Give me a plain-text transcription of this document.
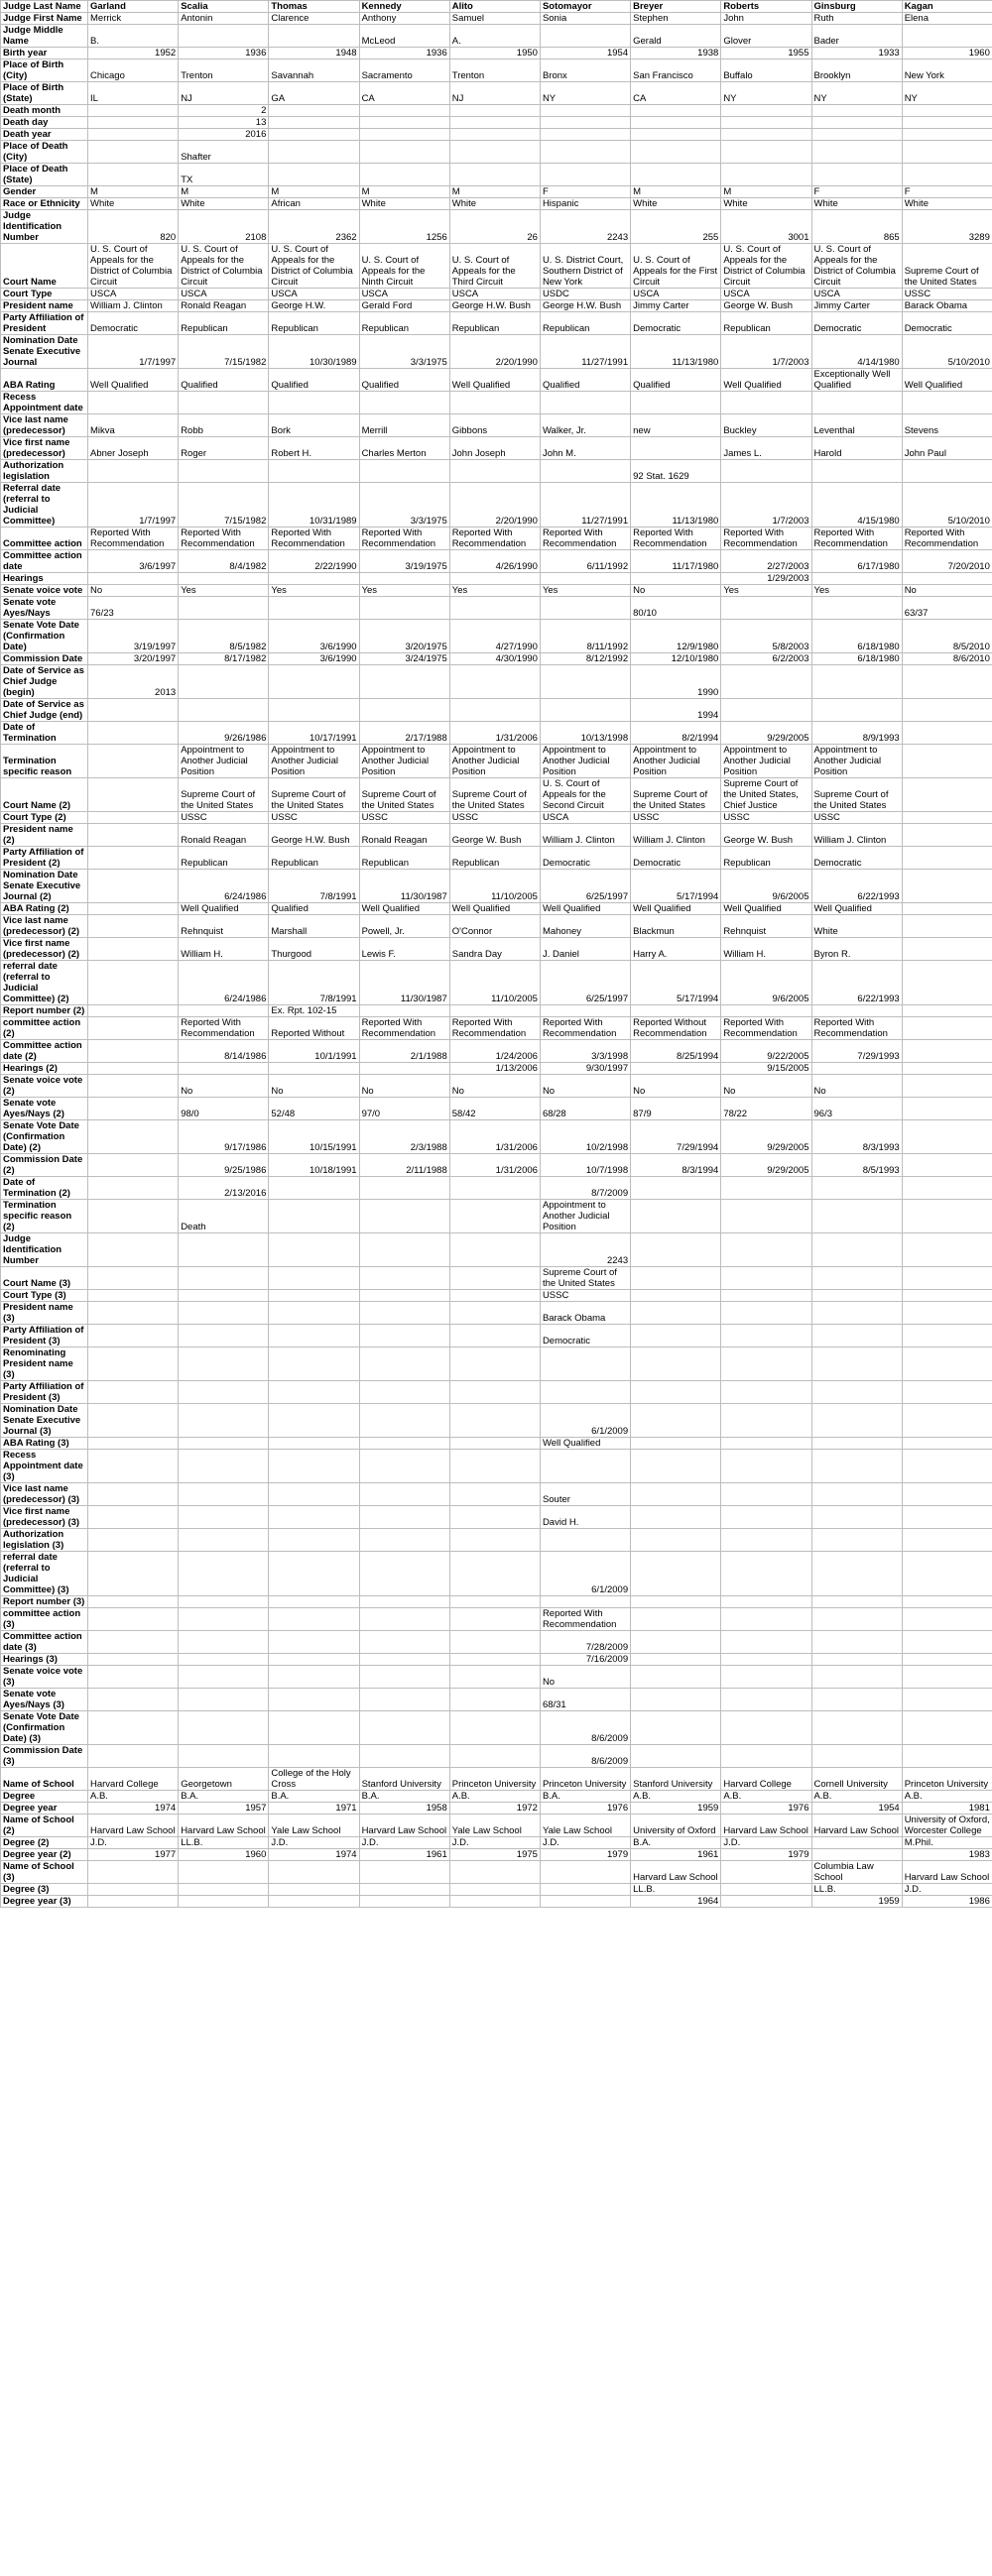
Judge Last Name	Garland	Scalia	Thomas	Kennedy	Alito	Sotomayor	Breyer	Roberts	Ginsburg	Kagan
Judge First Name	Merrick	Antonin	Clarence	Anthony	Samuel	Sonia	Stephen	John	Ruth	Elena
Judge Middle Name	B.			McLeod	A.		Gerald	Glover	Bader	
Birth year	1952	1936	1948	1936	1950	1954	1938	1955	1933	1960
Place of Birth (City)	Chicago	Trenton	Savannah	Sacramento	Trenton	Bronx	San Francisco	Buffalo	Brooklyn	New York
Place of Birth (State)	IL	NJ	GA	CA	NJ	NY	CA	NY	NY	NY
Death month		2								
Death day		13								
Death year		2016								
Place of Death (City)		Shafter								
Place of Death (State)		TX								
Gender	M	M	M	M	M	F	M	M	F	F
Race or Ethnicity	White	White	African	White	White	Hispanic	White	White	White	White
Judge Identification Number	820	2108	2362	1256	26	2243	255	3001	865	3289
Court Name	U. S. Court of Appeals for the District of Columbia Circuit	U. S. Court of Appeals for the District of Columbia Circuit	U. S. Court of Appeals for the District of Columbia Circuit	U. S. Court of Appeals for the Ninth Circuit	U. S. Court of Appeals for the Third Circuit	U. S. District Court, Southern District of New York	U. S. Court of Appeals for the First Circuit	U. S. Court of Appeals for the District of Columbia Circuit	U. S. Court of Appeals for the District of Columbia Circuit	Supreme Court of the United States
Court Type	USCA	USCA	USCA	USCA	USCA	USDC	USCA	USCA	USCA	USSC
President name	William J. Clinton	Ronald Reagan	George H.W.	Gerald Ford	George H.W. Bush	George H.W. Bush	Jimmy Carter	George W. Bush	Jimmy Carter	Barack Obama
Party Affiliation of President	Democratic	Republican	Republican	Republican	Republican	Republican	Democratic	Republican	Democratic	Democratic
Nomination Date Senate Executive Journal	1/7/1997	7/15/1982	10/30/1989	3/3/1975	2/20/1990	11/27/1991	11/13/1980	1/7/2003	4/14/1980	5/10/2010
ABA Rating	Well Qualified	Qualified	Qualified	Qualified	Well Qualified	Qualified	Qualified	Well Qualified	Exceptionally Well Qualified	Well Qualified
Recess Appointment date										
Vice last name (predecessor)	Mikva	Robb	Bork	Merrill	Gibbons	Walker, Jr.	new	Buckley	Leventhal	Stevens
Vice first name (predecessor)	Abner Joseph	Roger	Robert H.	Charles Merton	John Joseph	John M.		James L.	Harold	John Paul
Authorization legislation							92 Stat. 1629			
Referral date (referral to Judicial Committee)	1/7/1997	7/15/1982	10/31/1989	3/3/1975	2/20/1990	11/27/1991	11/13/1980	1/7/2003	4/15/1980	5/10/2010
Committee action	Reported With Recommendation	Reported With Recommendation	Reported With Recommendation	Reported With Recommendation	Reported With Recommendation	Reported With Recommendation	Reported With Recommendation	Reported With Recommendation	Reported With Recommendation	Reported With Recommendation
Committee action date	3/6/1997	8/4/1982	2/22/1990	3/19/1975	4/26/1990	6/11/1992	11/17/1980	2/27/2003	6/17/1980	7/20/2010
Hearings								1/29/2003		
Senate voice vote	No	Yes	Yes	Yes	Yes	Yes	No	Yes	Yes	No
Senate vote Ayes/Nays	76/23						80/10			63/37
Senate Vote Date (Confirmation Date)	3/19/1997	8/5/1982	3/6/1990	3/20/1975	4/27/1990	8/11/1992	12/9/1980	5/8/2003	6/18/1980	8/5/2010
Commission Date	3/20/1997	8/17/1982	3/6/1990	3/24/1975	4/30/1990	8/12/1992	12/10/1980	6/2/2003	6/18/1980	8/6/2010
Date of Service as Chief Judge (begin)	2013						1990			
Date of Service as Chief Judge (end)							1994			
Date of Termination		9/26/1986	10/17/1991	2/17/1988	1/31/2006	10/13/1998	8/2/1994	9/29/2005	8/9/1993	
Termination specific reason		Appointment to Another Judicial Position	Appointment to Another Judicial Position	Appointment to Another Judicial Position	Appointment to Another Judicial Position	Appointment to Another Judicial Position	Appointment to Another Judicial Position	Appointment to Another Judicial Position	Appointment to Another Judicial Position	
Court Name (2)		Supreme Court of the United States	Supreme Court of the United States	Supreme Court of the United States	Supreme Court of the United States	U. S. Court of Appeals for the Second Circuit	Supreme Court of the United States	Supreme Court of the United States, Chief Justice	Supreme Court of the United States	
Court Type (2)		USSC	USSC	USSC	USSC	USCA	USSC	USSC	USSC	
President name (2)		Ronald Reagan	George H.W. Bush	Ronald Reagan	George W. Bush	William J. Clinton	William J. Clinton	George W. Bush	William J. Clinton	
Party Affiliation of President (2)		Republican	Republican	Republican	Republican	Democratic	Democratic	Republican	Democratic	
Nomination Date Senate Executive Journal (2)		6/24/1986	7/8/1991	11/30/1987	11/10/2005	6/25/1997	5/17/1994	9/6/2005	6/22/1993	
ABA Rating (2)		Well Qualified	Qualified	Well Qualified	Well Qualified	Well Qualified	Well Qualified	Well Qualified	Well Qualified	
Vice last name (predecessor) (2)		Rehnquist	Marshall	Powell, Jr.	O'Connor	Mahoney	Blackmun	Rehnquist	White	
Vice first name (predecessor) (2)		William H.	Thurgood	Lewis F.	Sandra Day	J. Daniel	Harry A.	William H.	Byron R.	
referral date (referral to Judicial Committee) (2)		6/24/1986	7/8/1991	11/30/1987	11/10/2005	6/25/1997	5/17/1994	9/6/2005	6/22/1993	
Report number (2)			Ex. Rpt. 102-15							
committee action (2)		Reported With Recommendation	Reported Without	Reported With Recommendation	Reported With Recommendation	Reported With Recommendation	Reported Without Recommendation	Reported With Recommendation	Reported With Recommendation	
Committee action date (2)		8/14/1986	10/1/1991	2/1/1988	1/24/2006	3/3/1998	8/25/1994	9/22/2005	7/29/1993	
Hearings (2)					1/13/2006	9/30/1997		9/15/2005		
Senate voice vote (2)		No	No	No	No	No	No	No	No	
Senate vote Ayes/Nays (2)		98/0	52/48	97/0	58/42	68/28	87/9	78/22	96/3	
Senate Vote Date (Confirmation Date) (2)		9/17/1986	10/15/1991	2/3/1988	1/31/2006	10/2/1998	7/29/1994	9/29/2005	8/3/1993	
Commission Date (2)		9/25/1986	10/18/1991	2/11/1988	1/31/2006	10/7/1998	8/3/1994	9/29/2005	8/5/1993	
Date of Termination (2)		2/13/2016				8/7/2009				
Termination specific reason (2)		Death				Appointment to Another Judicial Position				
Judge Identification Number						2243				
Court Name (3)						Supreme Court of the United States				
Court Type (3)						USSC				
President name (3)						Barack Obama				
Party Affiliation of President (3)						Democratic				
Renominating President name (3)										
Party Affiliation of President (3)										
Nomination Date Senate Executive Journal (3)						6/1/2009				
ABA Rating (3)						Well Qualified				
Recess Appointment date (3)										
Vice last name (predecessor) (3)						Souter				
Vice first name (predecessor) (3)						David H.				
Authorization legislation (3)										
referral date (referral to Judicial Committee) (3)						6/1/2009				
Report number (3)										
committee action (3)						Reported With Recommendation				
Committee action date (3)						7/28/2009				
Hearings (3)						7/16/2009				
Senate voice vote (3)						No				
Senate vote Ayes/Nays (3)						68/31				
Senate Vote Date (Confirmation Date) (3)						8/6/2009				
Commission Date (3)						8/6/2009				
Name of School	Harvard College	Georgetown	College of the Holy Cross	Stanford University	Princeton University	Princeton University	Stanford University	Harvard College	Cornell University	Princeton University
Degree	A.B.	B.A.	B.A.	B.A.	A.B.	B.A.	A.B.	A.B.	A.B.	A.B.
Degree year	1974	1957	1971	1958	1972	1976	1959	1976	1954	1981
Name of School (2)	Harvard Law School	Harvard Law School	Yale Law School	Harvard Law School	Yale Law School	Yale Law School	University of Oxford	Harvard Law School	Harvard Law School	University of Oxford, Worcester College
Degree (2)	J.D.	LL.B.	J.D.	J.D.	J.D.	J.D.	B.A.	J.D.		M.Phil.
Degree year (2)	1977	1960	1974	1961	1975	1979	1961	1979		1983
Name of School (3)							Harvard Law School		Columbia Law School	Harvard Law School
Degree (3)							LL.B.		LL.B.	J.D.
Degree year (3)							1964		1959	1986
